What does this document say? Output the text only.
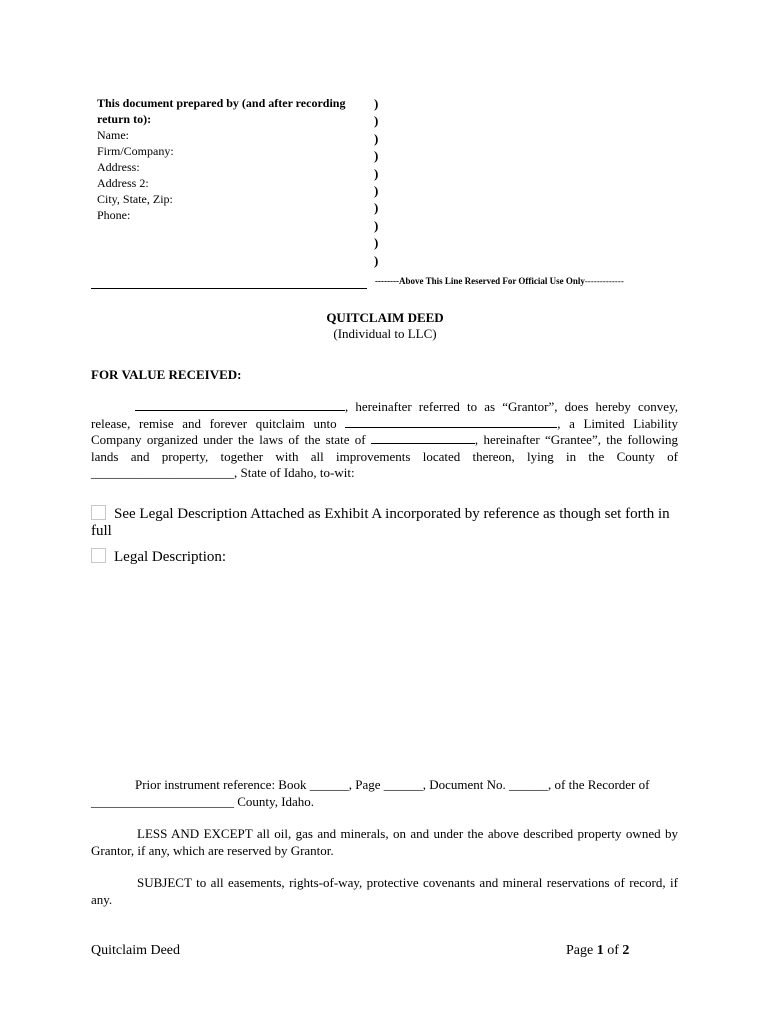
This document prepared by (and after recording return to):
Name:
Firm/Company:
Address:
Address 2:
City, State, Zip:
Phone:
)
)
)
)
)
)
)
)
)
)
--------Above This Line Reserved For Official Use Only-------------
QUITCLAIM DEED
(Individual to LLC)
FOR VALUE RECEIVED:
, hereinafter referred to as “Grantor”, does hereby convey, release, remise and forever quitclaim unto	, a Limited Liability Company organized under the laws of the state of	, hereinafter “Grantee”, the following lands and property, together with all improvements located thereon, lying in the County of ______________________, State of Idaho, to-wit:
See Legal Description Attached as Exhibit A incorporated by reference as though set forth in full
Legal Description:
Prior instrument reference: Book ______, Page ______, Document No. ______, of the Recorder of
______________________ County, Idaho.
LESS AND EXCEPT all oil, gas and minerals, on and under the above described property owned by Grantor, if any, which are reserved by Grantor.
SUBJECT to all easements, rights-of-way, protective covenants and mineral reservations of record, if any.
Quitclaim Deed	Page 1 of 2
